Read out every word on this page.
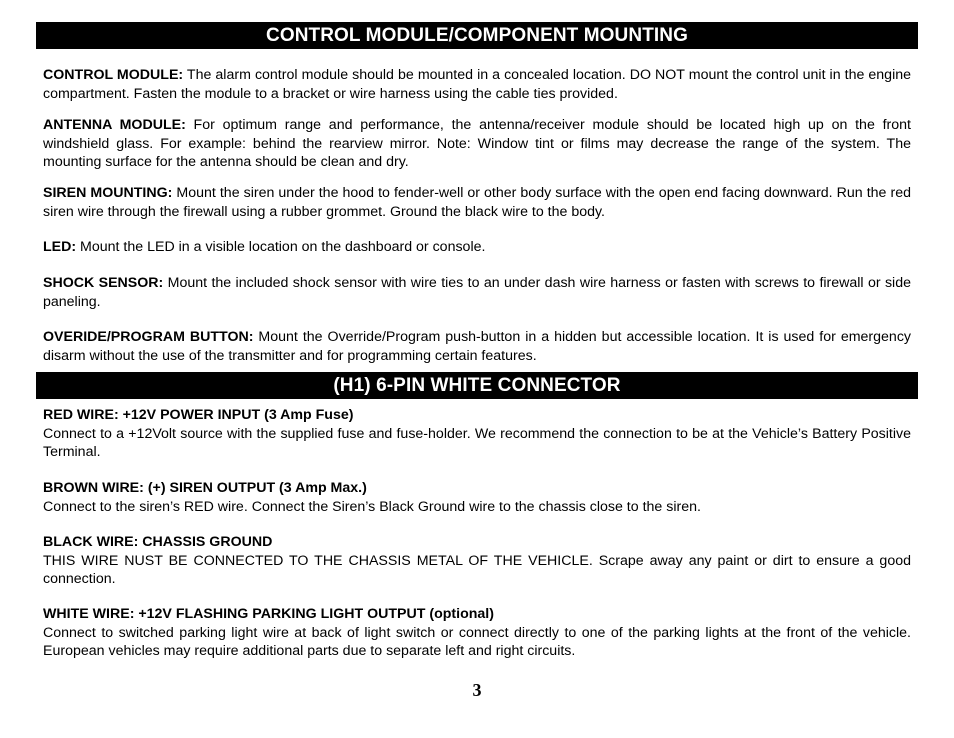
CONTROL MODULE/COMPONENT MOUNTING

CONTROL MODULE: The alarm control module should be mounted in a concealed location. DO NOT mount the control unit in the engine compartment. Fasten the module to a bracket or wire harness using the cable ties provided.

ANTENNA MODULE: For optimum range and performance, the antenna/receiver module should be located high up on the front windshield glass. For example: behind the rearview mirror. Note: Window tint or films may decrease the range of the system. The mounting surface for the antenna should be clean and dry.

SIREN MOUNTING: Mount the siren under the hood to fender-well or other body surface with the open end facing downward. Run the red siren wire through the firewall using a rubber grommet. Ground the black wire to the body.

LED: Mount the LED in a visible location on the dashboard or console.

SHOCK SENSOR: Mount the included shock sensor with wire ties to an under dash wire harness or fasten with screws to firewall or side paneling.

OVERIDE/PROGRAM BUTTON: Mount the Override/Program push-button in a hidden but accessible location. It is used for emergency disarm without the use of the transmitter and for programming certain features.

(H1) 6-PIN WHITE CONNECTOR
RED WIRE: +12V POWER INPUT (3 Amp Fuse)
Connect to a +12Volt source with the supplied fuse and fuse-holder. We recommend the connection to be at the Vehicle’s Battery Positive Terminal.
BROWN WIRE: (+) SIREN OUTPUT (3 Amp Max.)
Connect to the siren’s RED wire. Connect the Siren’s Black Ground wire to the chassis close to the siren.
BLACK WIRE: CHASSIS GROUND
THIS WIRE NUST BE CONNECTED TO THE CHASSIS METAL OF THE VEHICLE. Scrape away any paint or dirt to ensure a good connection.
WHITE WIRE: +12V FLASHING PARKING LIGHT OUTPUT (optional)
Connect to switched parking light wire at back of light switch or connect directly to one of the parking lights at the front of the vehicle. European vehicles may require additional parts due to separate left and right circuits.
3
